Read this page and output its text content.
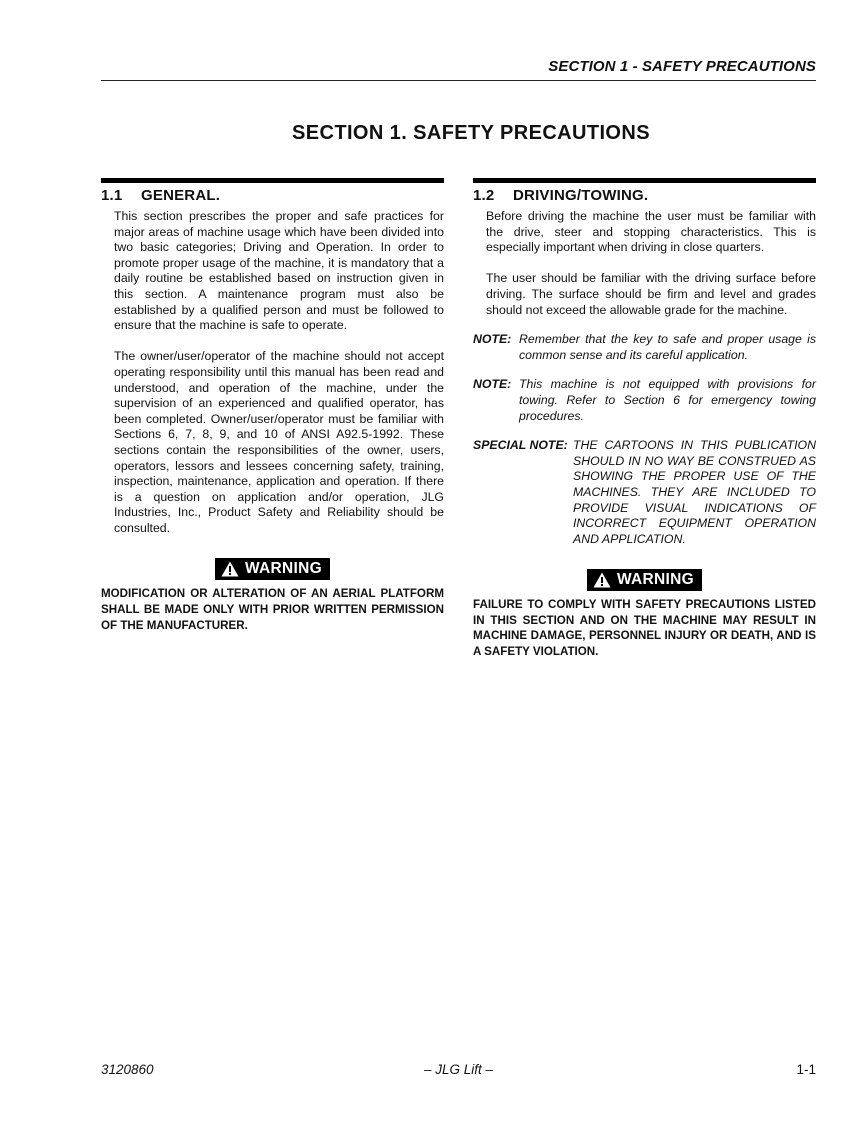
SECTION 1 - SAFETY PRECAUTIONS
SECTION 1. SAFETY PRECAUTIONS
1.1 GENERAL.

This section prescribes the proper and safe practices for major areas of machine usage which have been divided into two basic categories; Driving and Operation. In order to promote proper usage of the machine, it is mandatory that a daily routine be established based on instruction given in this section. A maintenance program must also be established by a qualified person and must be followed to ensure that the machine is safe to operate.

The owner/user/operator of the machine should not accept operating responsibility until this manual has been read and understood, and operation of the machine, under the supervision of an experienced and qualified operator, has been completed. Owner/user/operator must be familiar with Sections 6, 7, 8, 9, and 10 of ANSI A92.5-1992. These sections contain the responsibilities of the owner, users, operators, lessors and lessees concerning safety, training, inspection, maintenance, application and operation. If there is a question on application and/or operation, JLG Industries, Inc., Product Safety and Reliability should be consulted.

WARNING
MODIFICATION OR ALTERATION OF AN AERIAL PLATFORM SHALL BE MADE ONLY WITH PRIOR WRITTEN PERMISSION OF THE MANUFACTURER.
1.2 DRIVING/TOWING.

Before driving the machine the user must be familiar with the drive, steer and stopping characteristics. This is especially important when driving in close quarters.

The user should be familiar with the driving surface before driving. The surface should be firm and level and grades should not exceed the allowable grade for the machine.

NOTE: Remember that the key to safe and proper usage is common sense and its careful application.
NOTE: This machine is not equipped with provisions for towing. Refer to Section 6 for emergency towing procedures.
SPECIAL NOTE: THE CARTOONS IN THIS PUBLICATION SHOULD IN NO WAY BE CONSTRUED AS SHOWING THE PROPER USE OF THE MACHINES. THEY ARE INCLUDED TO PROVIDE VISUAL INDICATIONS OF INCORRECT EQUIPMENT OPERATION AND APPLICATION.
WARNING
FAILURE TO COMPLY WITH SAFETY PRECAUTIONS LISTED IN THIS SECTION AND ON THE MACHINE MAY RESULT IN MACHINE DAMAGE, PERSONNEL INJURY OR DEATH, AND IS A SAFETY VIOLATION.
3120860	– JLG Lift –	1-1
